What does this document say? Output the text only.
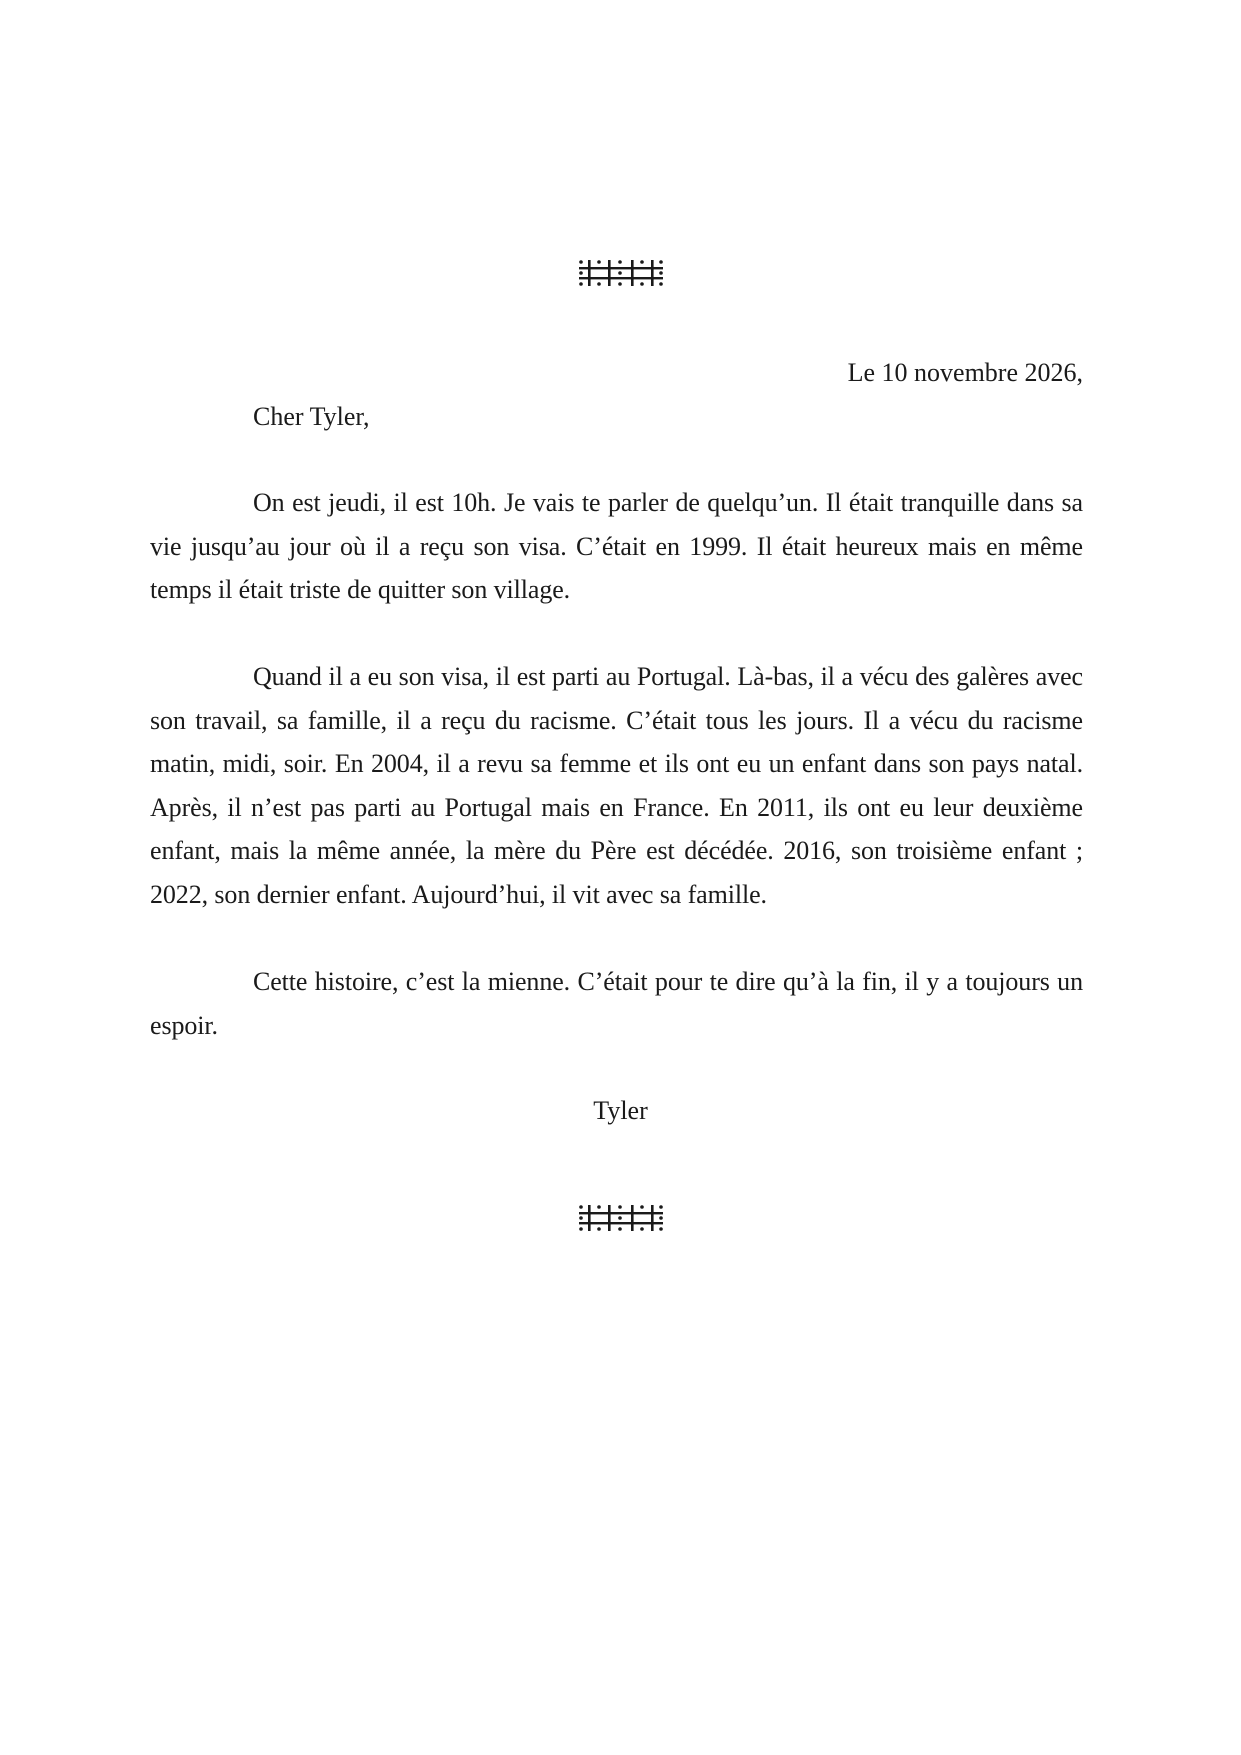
Le 10 novembre 2026,
Cher Tyler,

On est jeudi, il est 10h. Je vais te parler de quelqu’un. Il était tranquille dans sa vie jusqu’au jour où il a reçu son visa. C’était en 1999. Il était heureux mais en même temps il était triste de quitter son village.

Quand il a eu son visa, il est parti au Portugal. Là-bas, il a vécu des galères avec son travail, sa famille, il a reçu du racisme. C’était tous les jours. Il a vécu du racisme matin, midi, soir. En 2004, il a revu sa femme et ils ont eu un enfant dans son pays natal. Après, il n’est pas parti au Portugal mais en France. En 2011, ils ont eu leur deuxième enfant, mais la même année, la mère du Père est décédée. 2016, son troisième enfant ; 2022, son dernier enfant. Aujourd’hui, il vit avec sa famille.

Cette histoire, c’est la mienne. C’était pour te dire qu’à la fin, il y a toujours un espoir.

Tyler
